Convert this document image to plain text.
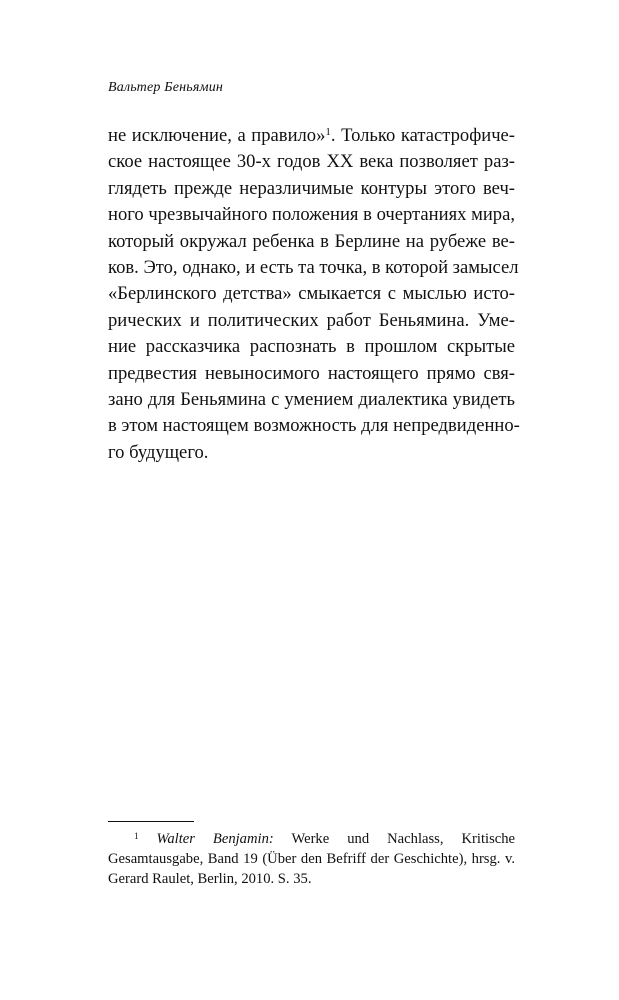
Вальтер Беньямин
не исключение, а правило»$^1$. Только катастрофиче-
ское настоящее 30-х годов XX века позволяет раз-
глядеть прежде неразличимые контуры этого веч-
ного чрезвычайного положения в очертаниях мира,
который окружал ребенка в Берлине на рубеже ве-
ков. Это, однако, и есть та точка, в которой замысел
«Берлинского детства» смыкается с мыслью исто-
рических и политических работ Беньямина. Уме-
ние рассказчика распознать в прошлом скрытые
предвестия невыносимого настоящего прямо свя-
зано для Беньямина с умением диалектика увидеть
в этом настоящем возможность для непредвиденно-
го будущего.
$^1$ Walter Benjamin: Werke und Nachlass, Kritische
Gesamtausgabe, Band 19 (Über den Befriff der Geschichte), hrsg. v.
Gerard Raulet, Berlin, 2010. S. 35.
